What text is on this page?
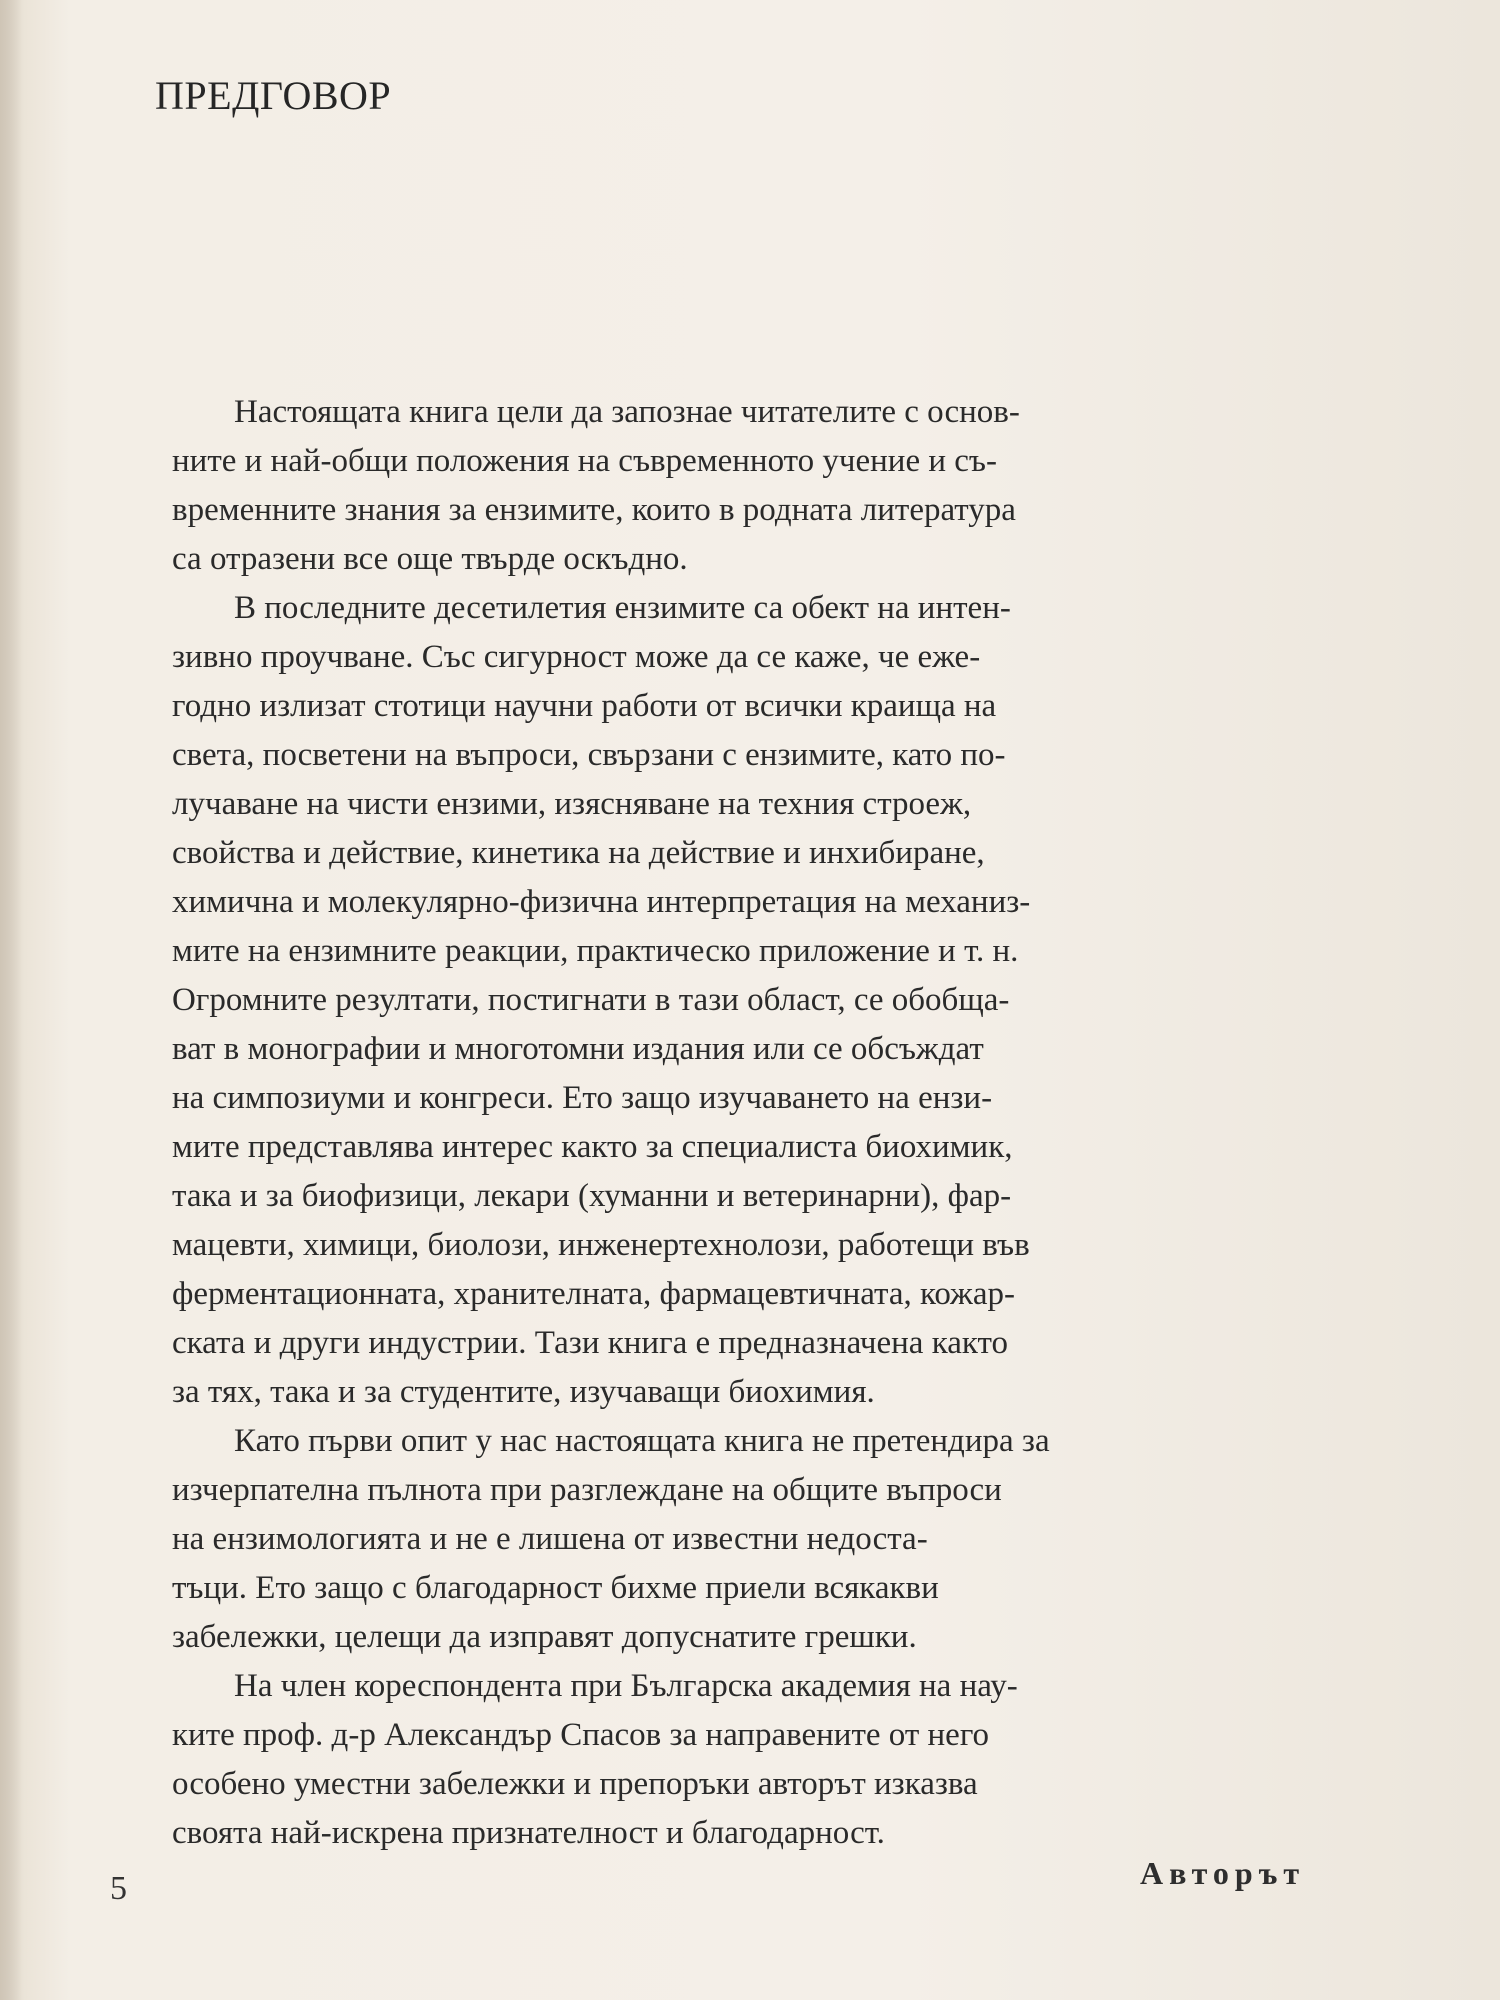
ПРЕДГОВОР
Настоящата книга цели да запознае читателите с основ-
ните и най-общи положения на съвременното учение и съ-
временните знания за ензимите, които в родната литература
са отразени все още твърде оскъдно.
В последните десетилетия ензимите са обект на интен-
зивно проучване. Със сигурност може да се каже, че еже-
годно излизат стотици научни работи от всички краища на
света, посветени на въпроси, свързани с ензимите, като по-
лучаване на чисти ензими, изясняване на техния строеж,
свойства и действие, кинетика на действие и инхибиране,
химична и молекулярно-физична интерпретация на механиз-
мите на ензимните реакции, практическо приложение и т. н.
Огромните резултати, постигнати в тази област, се обобща-
ват в монографии и многотомни издания или се обсъждат
на симпозиуми и конгреси. Ето защо изучаването на ензи-
мите представлява интерес както за специалиста биохимик,
така и за биофизици, лекари (хуманни и ветеринарни), фар-
мацевти, химици, биолози, инженертехнолози, работещи във
ферментационната, хранителната, фармацевтичната, кожар-
ската и други индустрии. Тази книга е предназначена както
за тях, така и за студентите, изучаващи биохимия.
Като първи опит у нас настоящата книга не претендира за
изчерпателна пълнота при разглеждане на общите въпроси
на ензимологията и не е лишена от известни недоста-
тъци. Ето защо с благодарност бихме приели всякакви
забележки, целещи да изправят допуснатите грешки.
На член кореспондента при Българска академия на нау-
ките проф. д-р Александър Спасов за направените от него
особено уместни забележки и препоръки авторът изказва
своята най-искрена признателност и благодарност.
5	Авторът
